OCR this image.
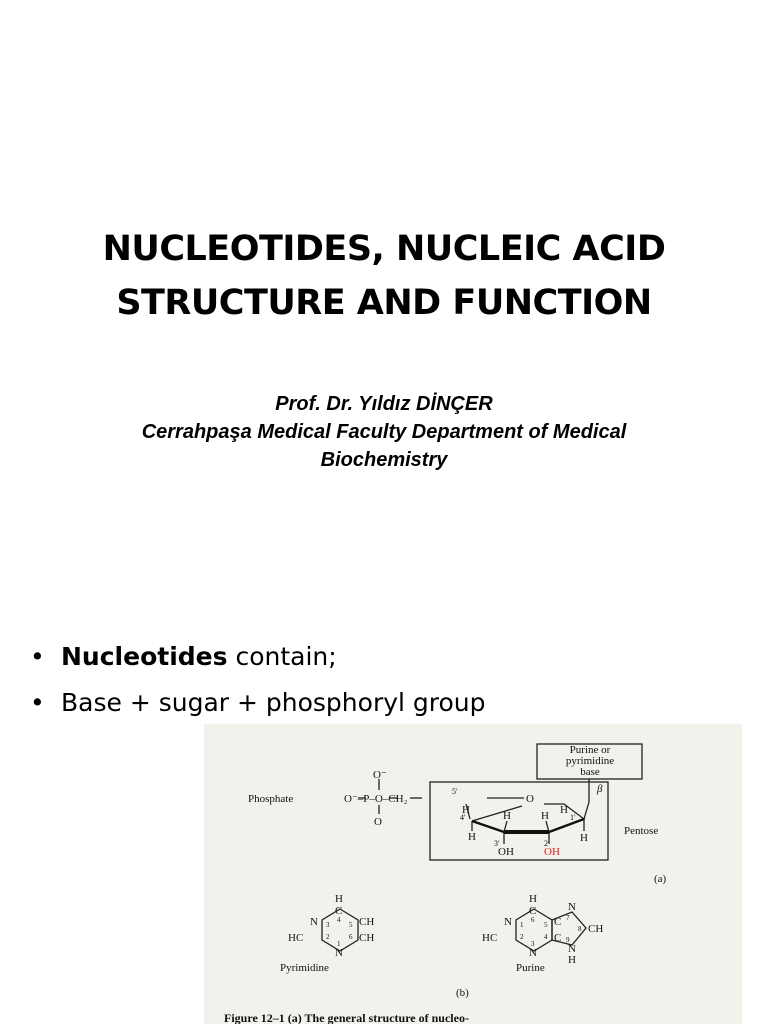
NUCLEOTIDES, NUCLEIC ACID
STRUCTURE AND FUNCTION
Prof. Dr. Yıldız DİNÇER
Cerrahpaşa Medical Faculty Department of Medical
Biochemistry
• Nucleotides contain;
• Base + sugar + phosphoryl group
Purine or
pyrimidine
base
Phosphate	O⁻–P–O–CH₂
O⁻
O
O
β
Pentose
(a)
Pyrimidine	Purine
(b)
5′
4′	1′
3′	2′
H
H
H	H H
H
OH	OH
H
C
N	CH
HC	CH
N
4
3	5
2	6
1
H
C
N	C
N
CH
HC	C
N
H
N
6
1	5
2	4
3
7
8
9
Figure 12–1 (a) The general structure of nucleo-
